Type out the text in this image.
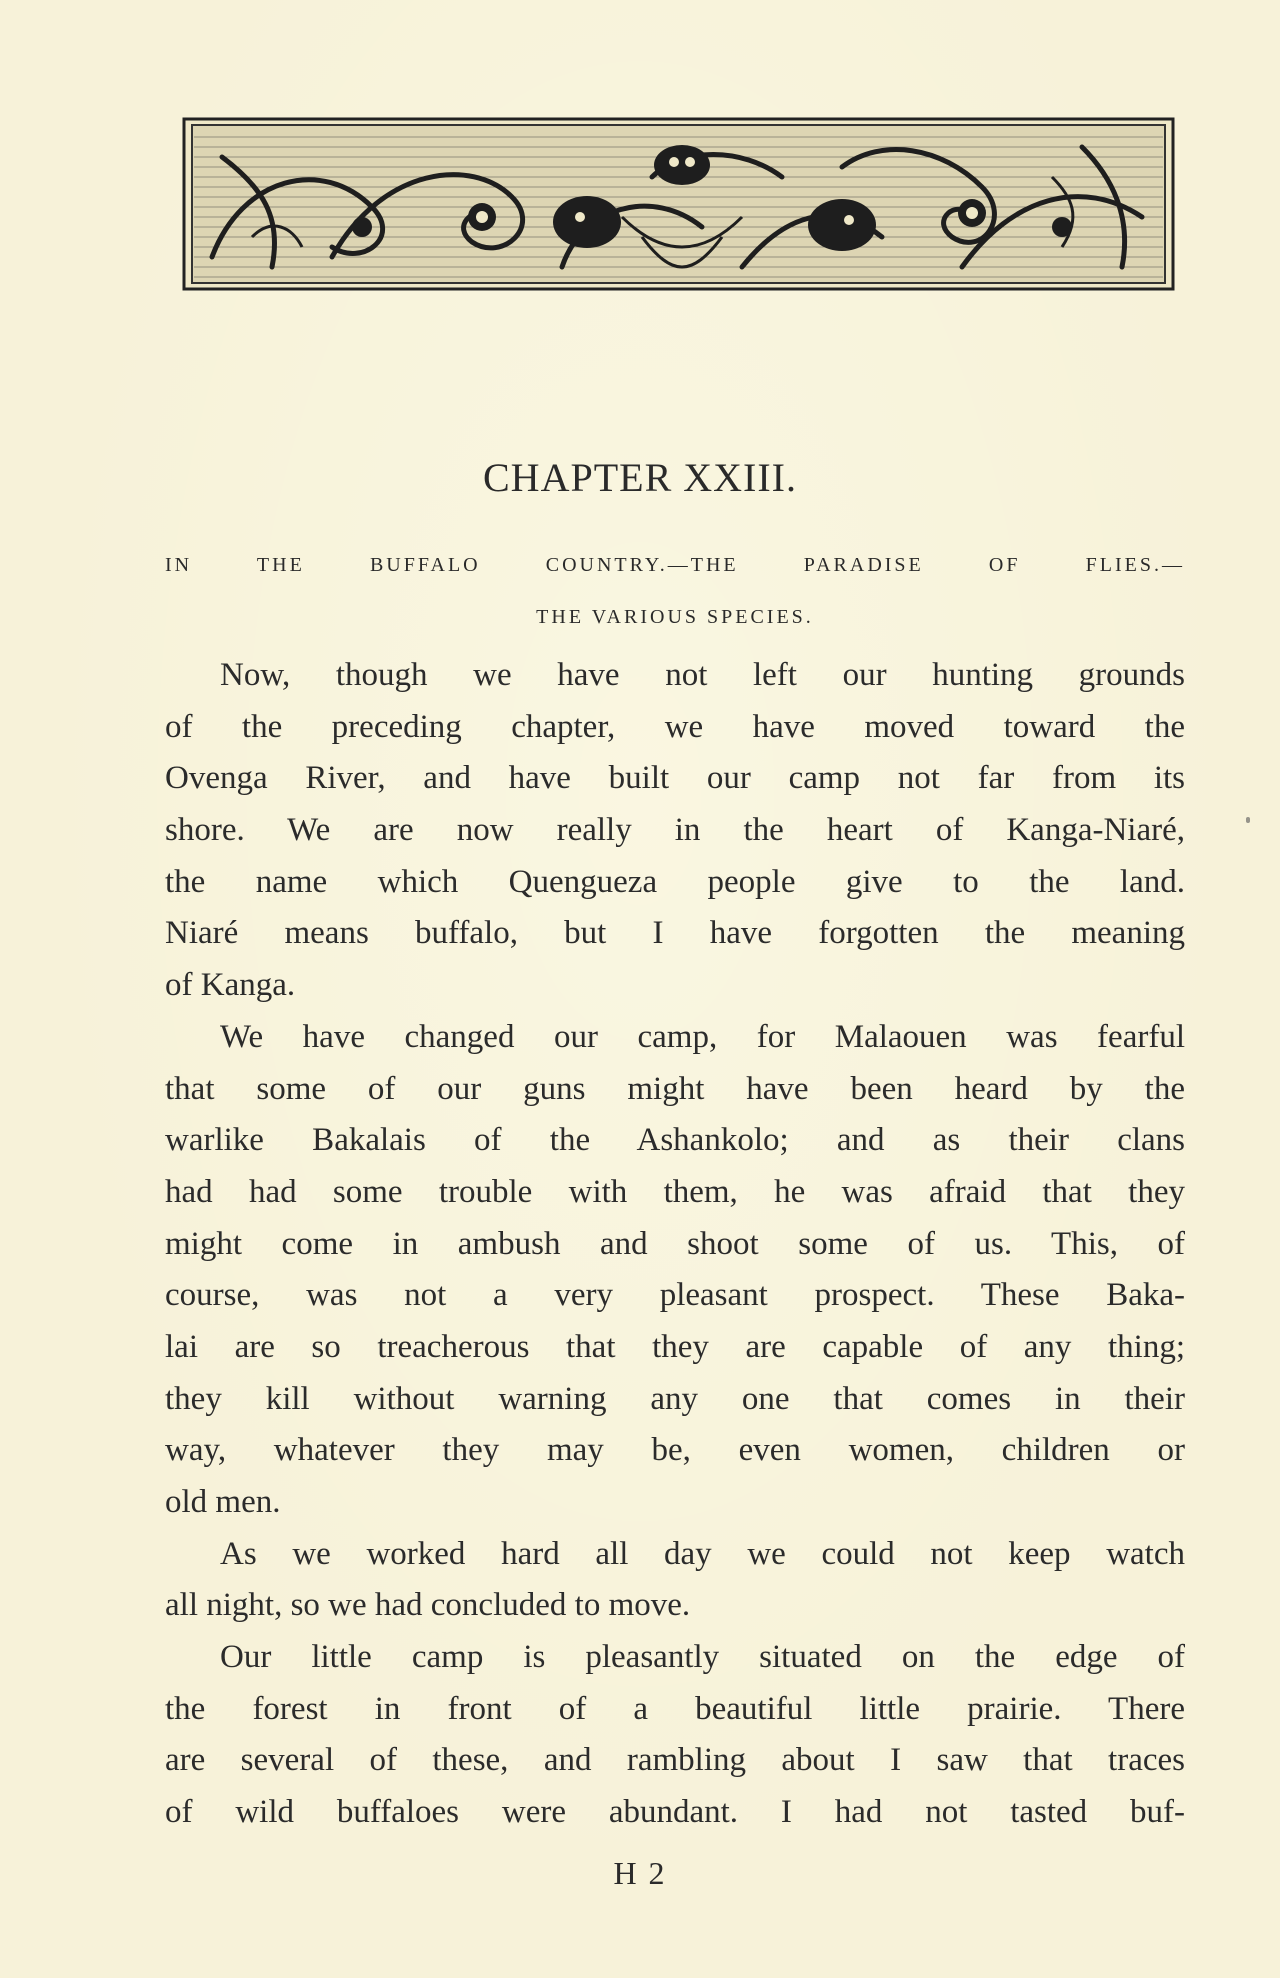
CHAPTER XXIII.
IN THE BUFFALO COUNTRY.—THE PARADISE OF FLIES.—
THE VARIOUS SPECIES.
Now, though we have not left our hunting grounds
of the preceding chapter, we have moved toward the
Ovenga River, and have built our camp not far from its
shore. We are now really in the heart of Kanga-Niaré,
the name which Quengueza people give to the land.
Niaré means buffalo, but I have forgotten the meaning
of Kanga.
We have changed our camp, for Malaouen was fearful
that some of our guns might have been heard by the
warlike Bakalais of the Ashankolo; and as their clans
had had some trouble with them, he was afraid that they
might come in ambush and shoot some of us. This, of
course, was not a very pleasant prospect. These Baka-
lai are so treacherous that they are capable of any thing;
they kill without warning any one that comes in their
way, whatever they may be, even women, children or
old men.
As we worked hard all day we could not keep watch
all night, so we had concluded to move.
Our little camp is pleasantly situated on the edge of
the forest in front of a beautiful little prairie. There
are several of these, and rambling about I saw that traces
of wild buffaloes were abundant. I had not tasted buf-
H 2
